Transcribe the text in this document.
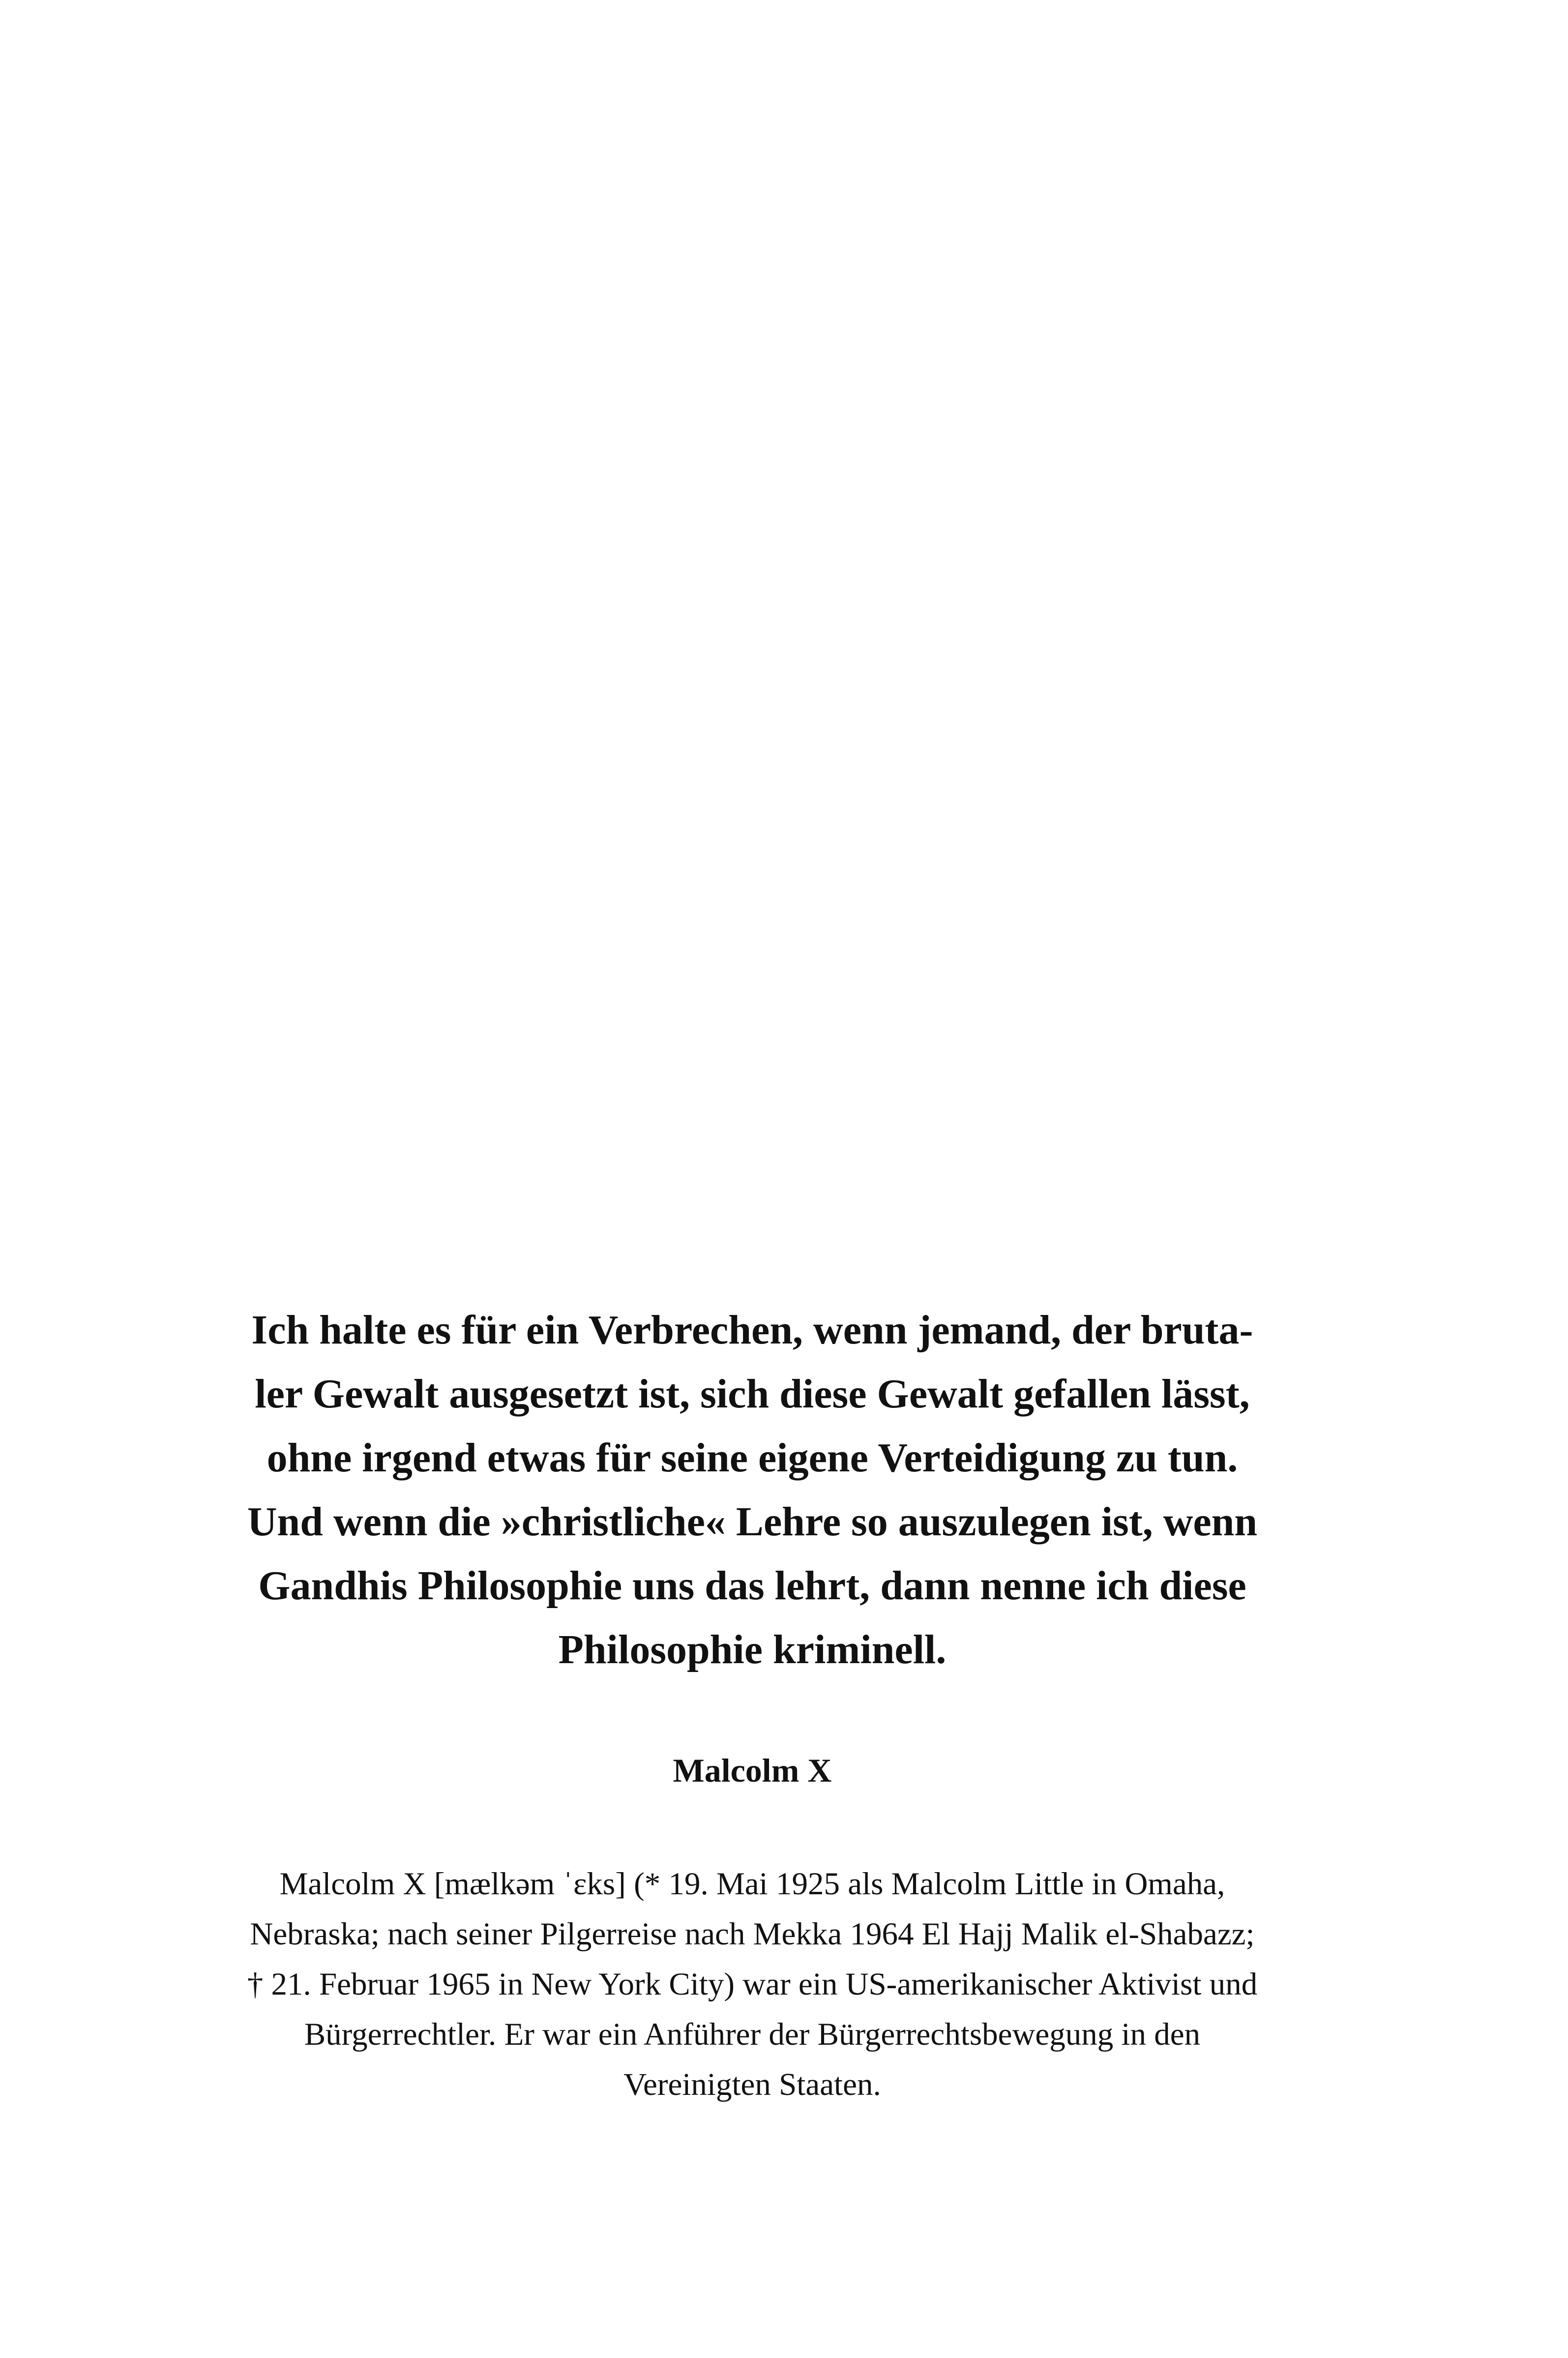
Ich halte es für ein Verbrechen, wenn jemand, der bruta-
ler Gewalt ausgesetzt ist, sich diese Gewalt gefallen lässt,
ohne irgend etwas für seine eigene Verteidigung zu tun.
Und wenn die »christliche« Lehre so auszulegen ist, wenn
Gandhis Philosophie uns das lehrt, dann nenne ich diese
Philosophie kriminell.
Malcolm X
Malcolm X [mælkəm ˈɛks] (* 19. Mai 1925 als Malcolm Little in Omaha,
Nebraska; nach seiner Pilgerreise nach Mekka 1964 El Hajj Malik el-Shabazz;
† 21. Februar 1965 in New York City) war ein US-amerikanischer Aktivist und
Bürgerrechtler. Er war ein Anführer der Bürgerrechtsbewegung in den
Vereinigten Staaten.
